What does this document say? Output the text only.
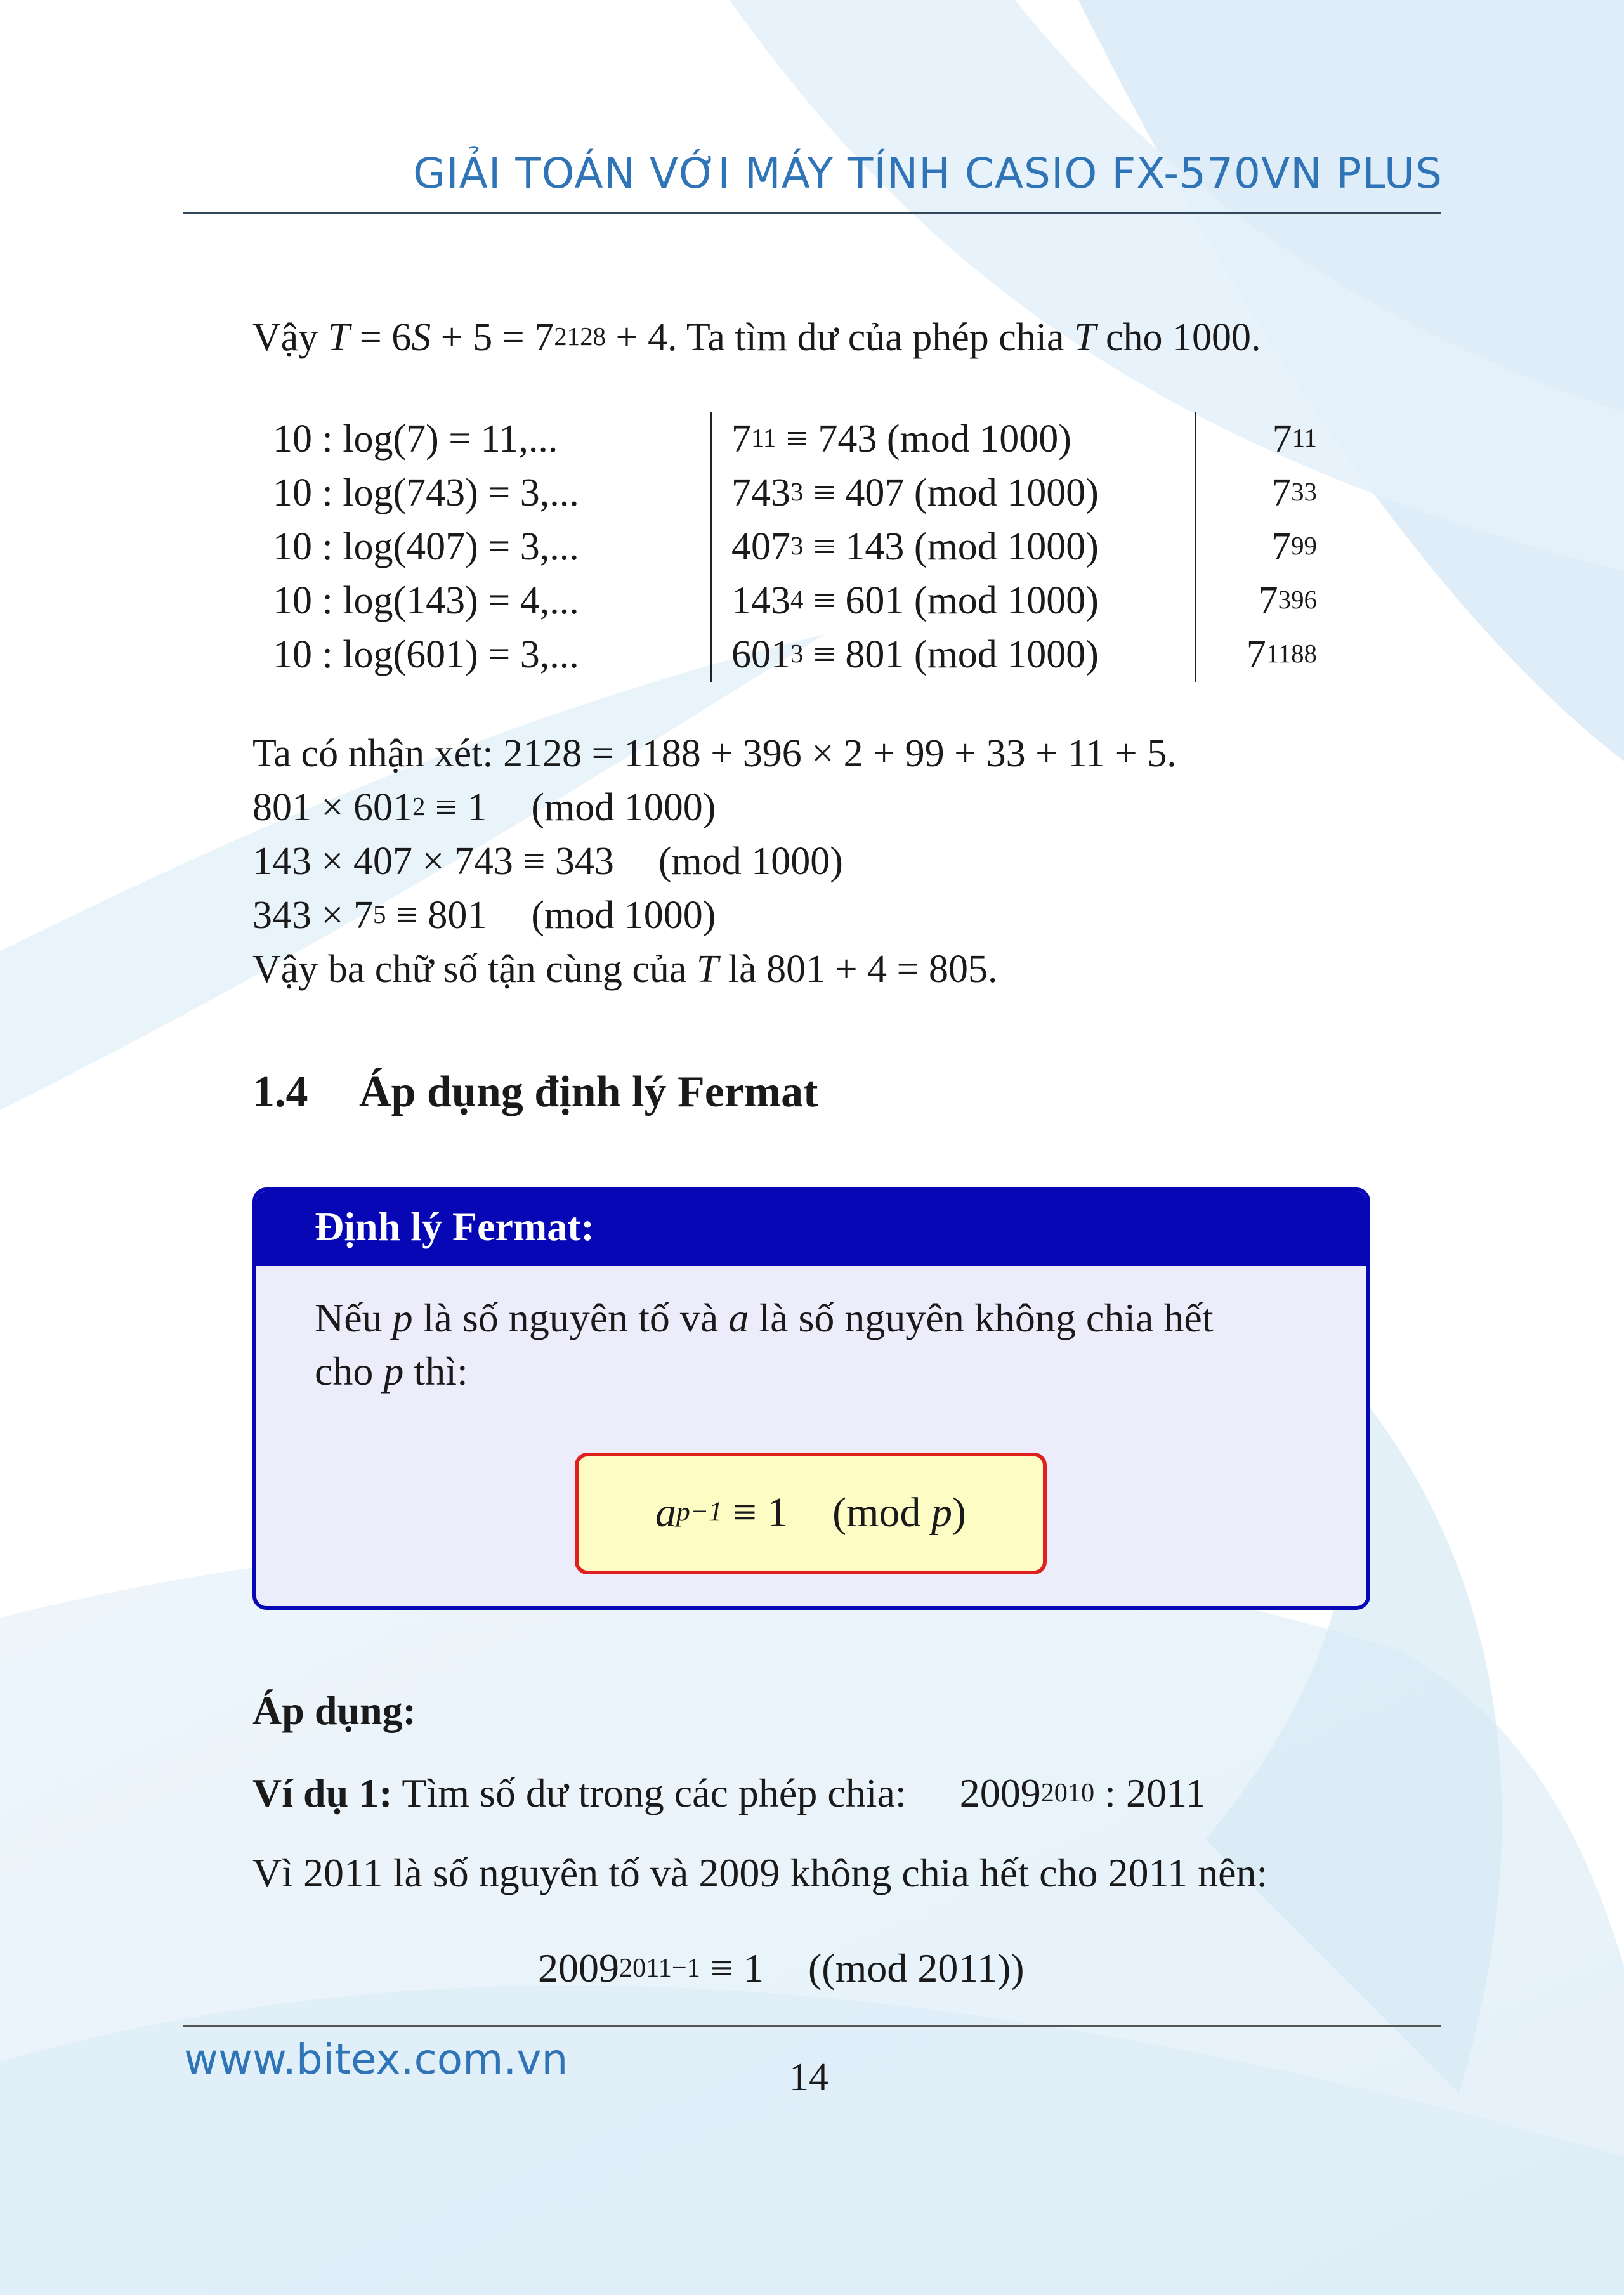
GIẢI TOÁN VỚI MÁY TÍNH CASIO FX-570VN PLUS
Vậy $T = 6S + 5 = 7^{2128} + 4$. Ta tìm dư của phép chia T cho 1000.
10 : log(7) = 11,...	$7^{11} \equiv 743$ (mod 1000)	$7^{11}$
10 : log(743) = 3,...	$743^3 \equiv 407$ (mod 1000)	$7^{33}$
10 : log(407) = 3,...	$407^3 \equiv 143$ (mod 1000)	$7^{99}$
10 : log(143) = 4,...	$143^4 \equiv 601$ (mod 1000)	$7^{396}$
10 : log(601) = 3,...	$601^3 \equiv 801$ (mod 1000)	$7^{1188}$
Ta có nhận xét: 2128 = 1188 + 396 × 2 + 99 + 33 + 11 + 5.
$801 \times 601^2 \equiv 1$ (mod 1000)
143 × 407 × 743 ≡ 343 (mod 1000)
$343 \times 7^5 \equiv 801$ (mod 1000)
Vậy ba chữ số tận cùng của T là 801 + 4 = 805.
1.4 Áp dụng định lý Fermat
Định lý Fermat:
Nếu p là số nguyên tố và a là số nguyên không chia hết
cho p thì:
$a^{p-1} \equiv 1$ (mod p)
Áp dụng:
Ví dụ 1: Tìm số dư trong các phép chia: $2009^{2010}$ : 2011
Vì 2011 là số nguyên tố và 2009 không chia hết cho 2011 nên:
$2009^{2011-1} \equiv 1$ ((mod 2011))
www.bitex.com.vn	14
